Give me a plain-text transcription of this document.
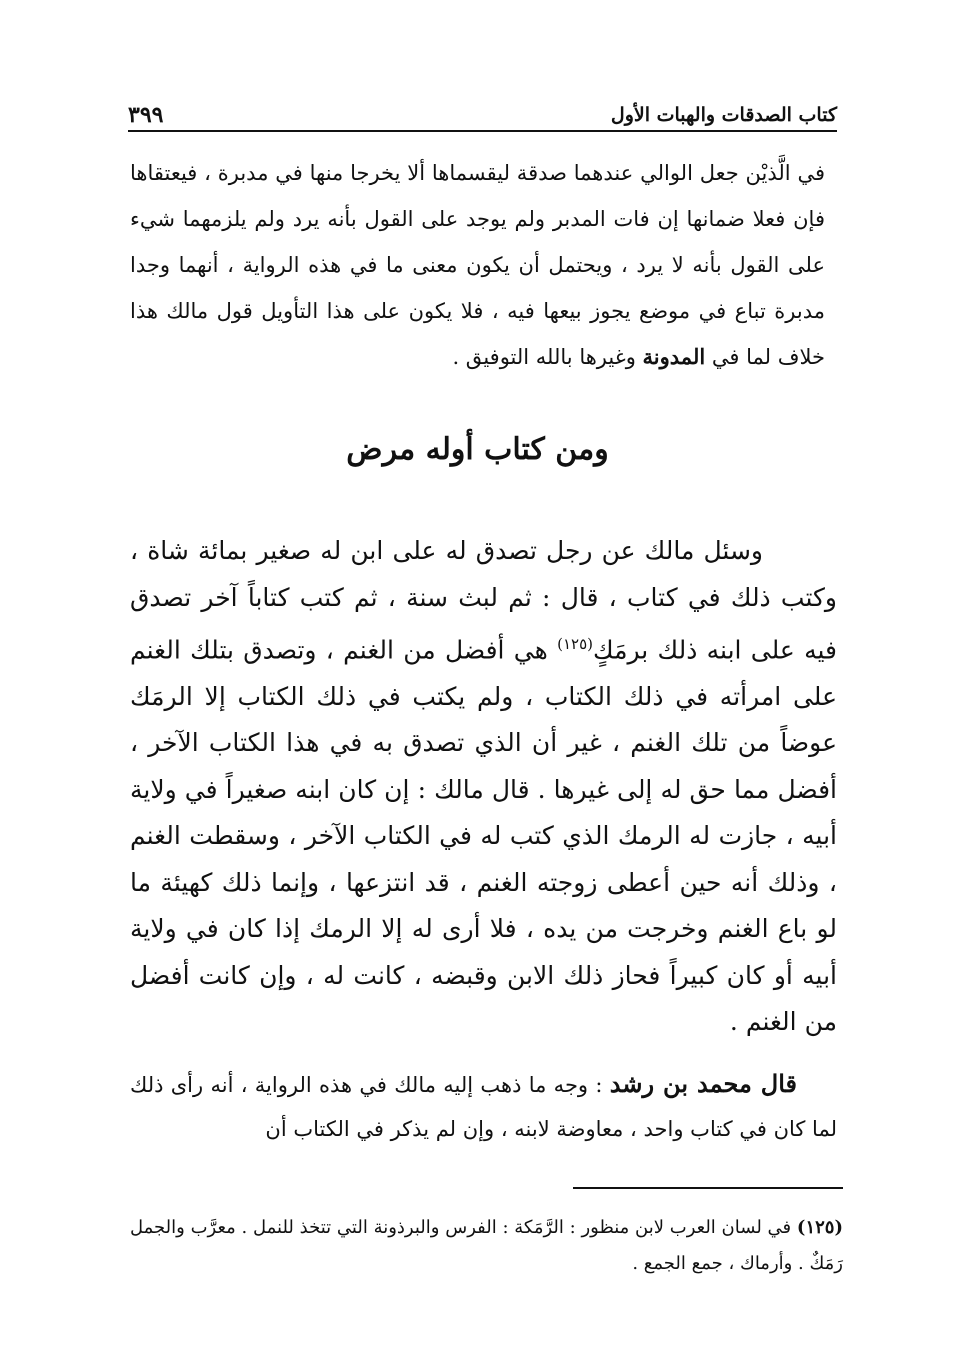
كتاب الصدقات والهبات الأول
٣٩٩

في الَّذيْن جعل الوالي عندهما صدقة ليقسماها ألا يخرجا منها في مدبرة ، فيعتقاها فإن فعلا ضمانها إن فات المدبر ولم يوجد على القول بأنه يرد ولم يلزمهما شيء على القول بأنه لا يرد ، ويحتمل أن يكون معنى ما في هذه الرواية ، أنهما وجدا مدبرة تباع في موضع يجوز بيعها فيه ، فلا يكون على هذا التأويل قول مالك هذا خلاف لما في المدونة وغيرها بالله التوفيق .

ومن كتاب أوله مرض

وسئل مالك عن رجل تصدق له على ابن له صغير بمائة شاة ، وكتب ذلك في كتاب ، قال : ثم لبث سنة ، ثم كتب كتاباً آخر تصدق فيه على ابنه ذلك برمَكٍ$^{(١٢٥)}$ هي أفضل من الغنم ، وتصدق بتلك الغنم على امرأته في ذلك الكتاب ، ولم يكتب في ذلك الكتاب إلا الرمَك عوضاً من تلك الغنم ، غير أن الذي تصدق به في هذا الكتاب الآخر ، أفضل مما حق له إلى غيرها . قال مالك : إن كان ابنه صغيراً في ولاية أبيه ، جازت له الرمك الذي كتب له في الكتاب الآخر ، وسقطت الغنم ، وذلك أنه حين أعطى زوجته الغنم ، قد انتزعها ، وإنما ذلك كهيئة ما لو باع الغنم وخرجت من يده ، فلا أرى له إلا الرمك إذا كان في ولاية أبيه أو كان كبيراً فحاز ذلك الابن وقبضه ، كانت له ، وإن كانت أفضل من الغنم .

قال محمد بن رشد : وجه ما ذهب إليه مالك في هذه الرواية ، أنه رأى ذلك لما كان في كتاب واحد ، معاوضة لابنه ، وإن لم يذكر في الكتاب أن

(١٢٥) في لسان العرب لابن منظور : الرَّمَكة : الفرس والبرذونة التي تتخذ للنمل . معرَّب والجمل رَمَكٌ . وأرماك ، جمع الجمع .
